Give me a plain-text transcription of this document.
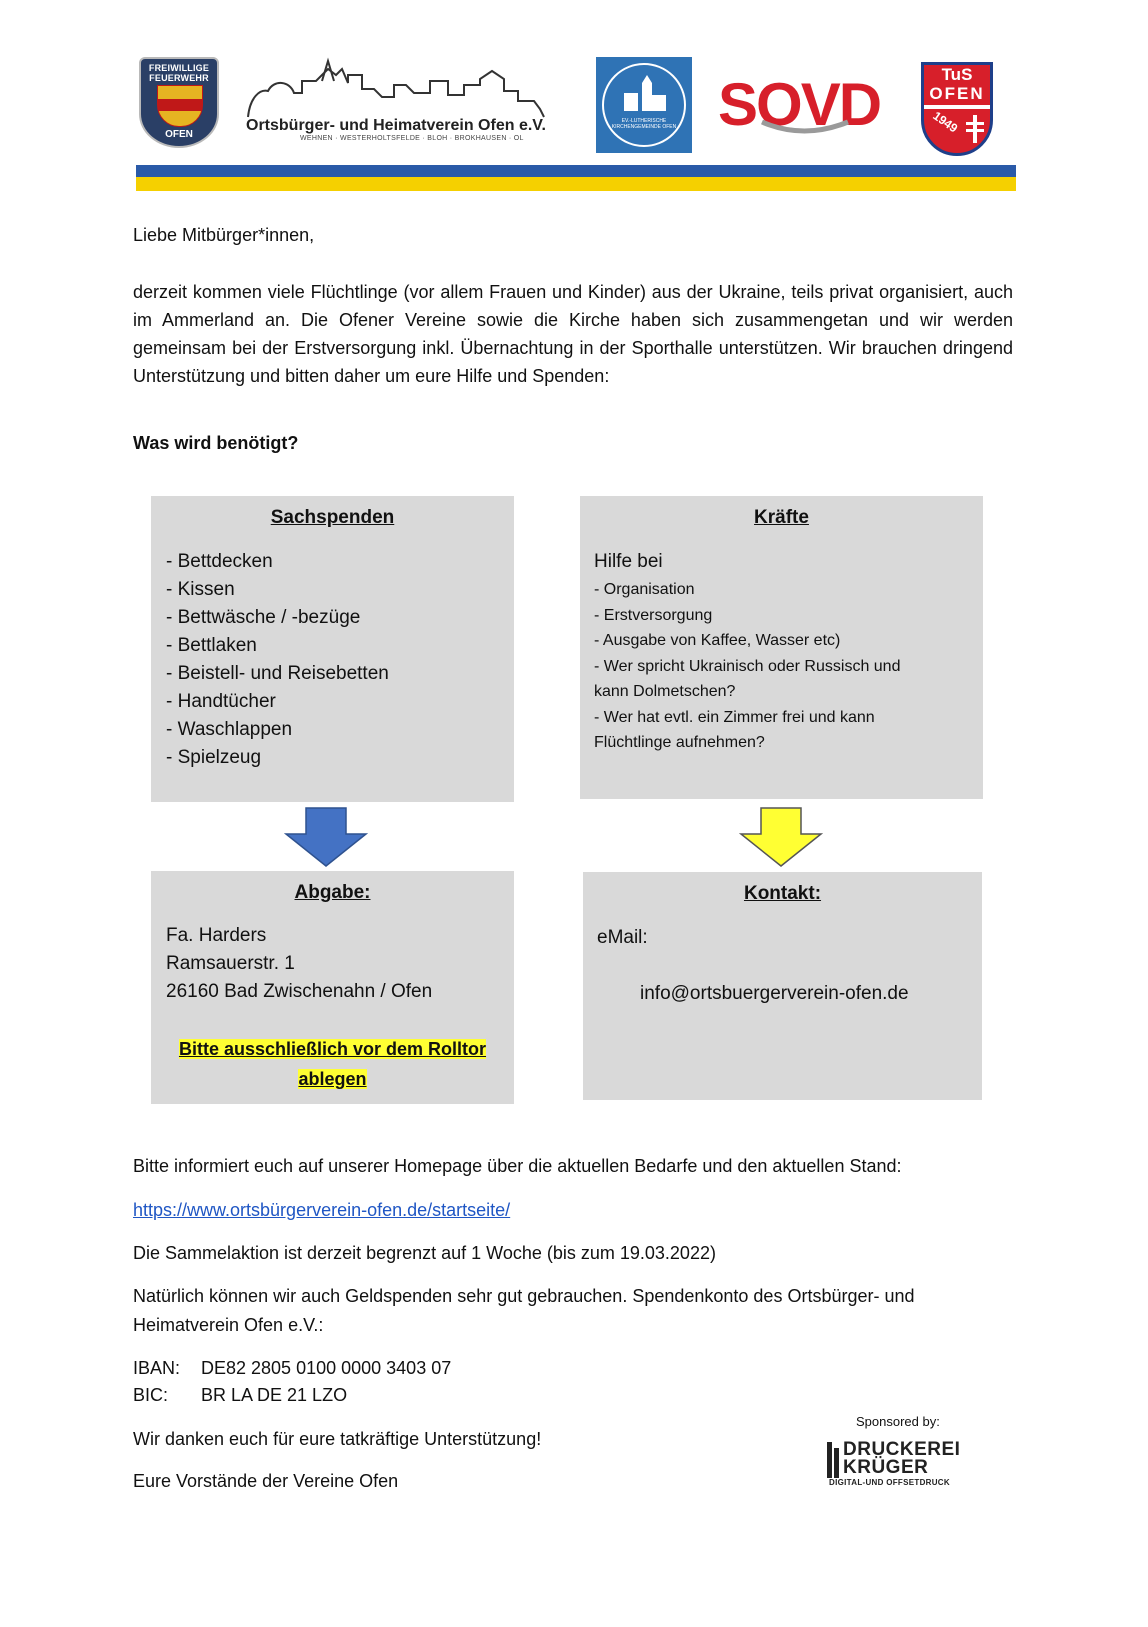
FREIWILLIGE
FEUERWEHR
OFEN
Ortsbürger- und Heimatverein Ofen e.V.
WEHNEN · WESTERHOLTSFELDE · BLOH · BROKHAUSEN · OL
EV.-LUTHERISCHE KIRCHENGEMEINDE OFEN SOVD	TuS
OFEN
1949
Liebe Mitbürger*innen,
derzeit kommen viele Flüchtlinge (vor allem Frauen und Kinder) aus der Ukraine, teils privat organisiert, auch im Ammerland an. Die Ofener Vereine sowie die Kirche haben sich zusammengetan und wir werden gemeinsam bei der Erstversorgung inkl. Übernachtung in der Sporthalle unterstützen. Wir brauchen dringend Unterstützung und bitten daher um eure Hilfe und Spenden:
Was wird benötigt?
Sachspenden
- Bettdecken
- Kissen
- Bettwäsche / -bezüge
- Bettlaken
- Beistell- und Reisebetten
- Handtücher
- Waschlappen
- Spielzeug
Kräfte
Hilfe bei
- Organisation
- Erstversorgung
- Ausgabe von Kaffee, Wasser etc)
- Wer spricht Ukrainisch oder Russisch und
kann Dolmetschen?
- Wer hat evtl. ein Zimmer frei und kann
Flüchtlinge aufnehmen?
Abgabe:
Fa. Harders
Ramsauerstr. 1
26160 Bad Zwischenahn / Ofen
Bitte ausschließlich vor dem Rolltor
ablegen
Kontakt:
eMail:
info@ortsbuergerverein-ofen.de
Bitte informiert euch auf unserer Homepage über die aktuellen Bedarfe und den aktuellen Stand:
https://www.ortsbürgerverein-ofen.de/startseite/
Die Sammelaktion ist derzeit begrenzt auf 1 Woche (bis zum 19.03.2022)
Natürlich können wir auch Geldspenden sehr gut gebrauchen. Spendenkonto des Ortsbürger- und
Heimatverein Ofen e.V.:
IBAN: DE82 2805 0100 0000 3403 07
BIC: BR LA DE 21 LZO
Wir danken euch für eure tatkräftige Unterstützung!
Eure Vorstände der Vereine Ofen
Sponsored by:
DRUCKEREI
KRÜGER
DIGITAL-UND OFFSETDRUCK
